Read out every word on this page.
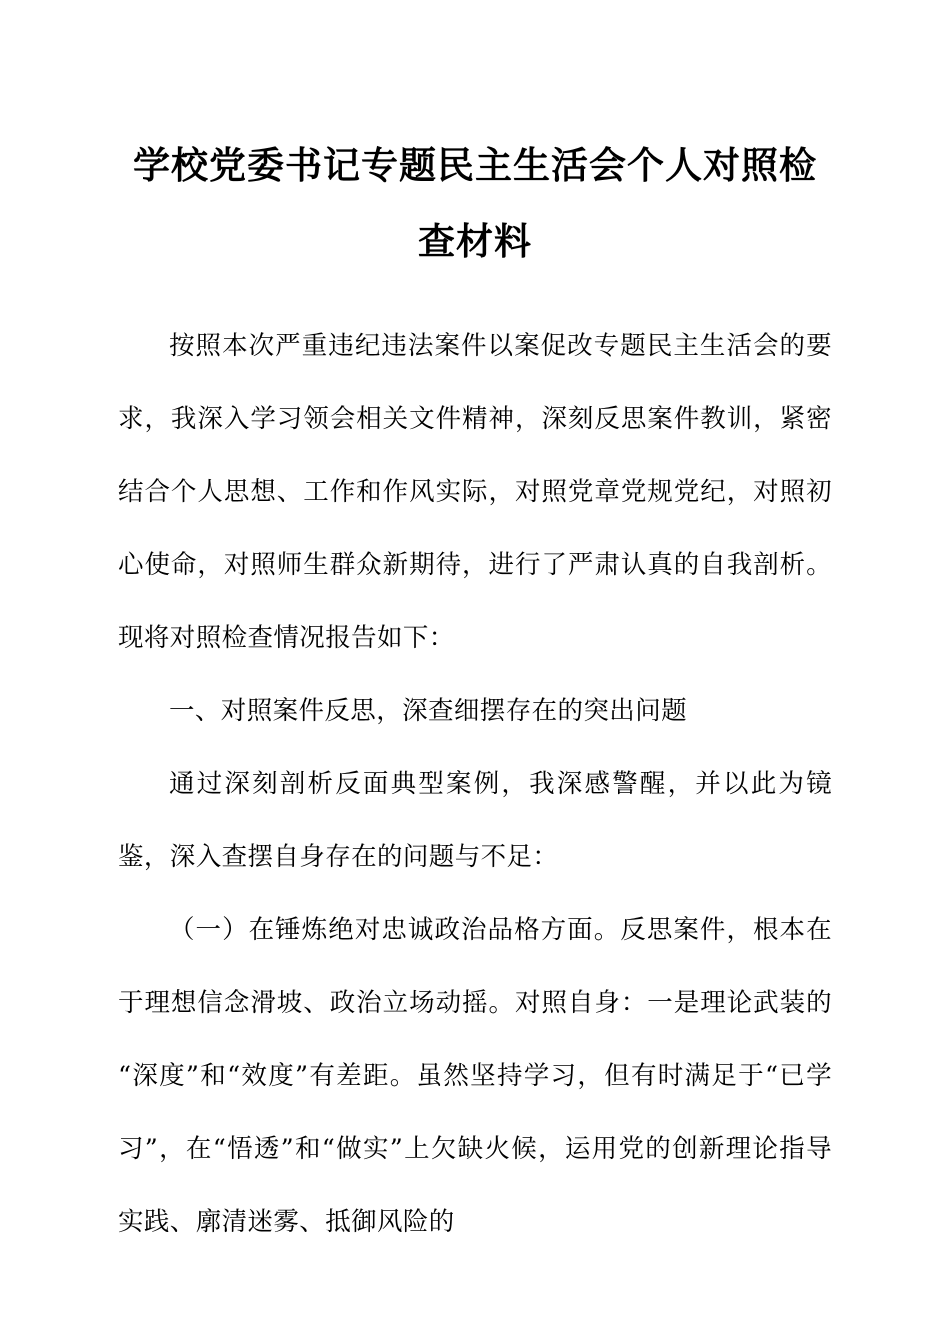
学校党委书记专题民主生活会个人对照检查材料

按照本次严重违纪违法案件以案促改专题民主生活会的要求，我深入学习领会相关文件精神，深刻反思案件教训，紧密结合个人思想、工作和作风实际，对照党章党规党纪，对照初心使命，对照师生群众新期待，进行了严肃认真的自我剖析。现将对照检查情况报告如下：

一、对照案件反思，深查细摆存在的突出问题

通过深刻剖析反面典型案例，我深感警醒，并以此为镜鉴，深入查摆自身存在的问题与不足：

（一）在锤炼绝对忠诚政治品格方面。反思案件，根本在于理想信念滑坡、政治立场动摇。对照自身：一是理论武装的“深度”和“效度”有差距。虽然坚持学习，但有时满足于“已学习”，在“悟透”和“做实”上欠缺火候，运用党的创新理论指导实践、廓清迷雾、抵御风险的
